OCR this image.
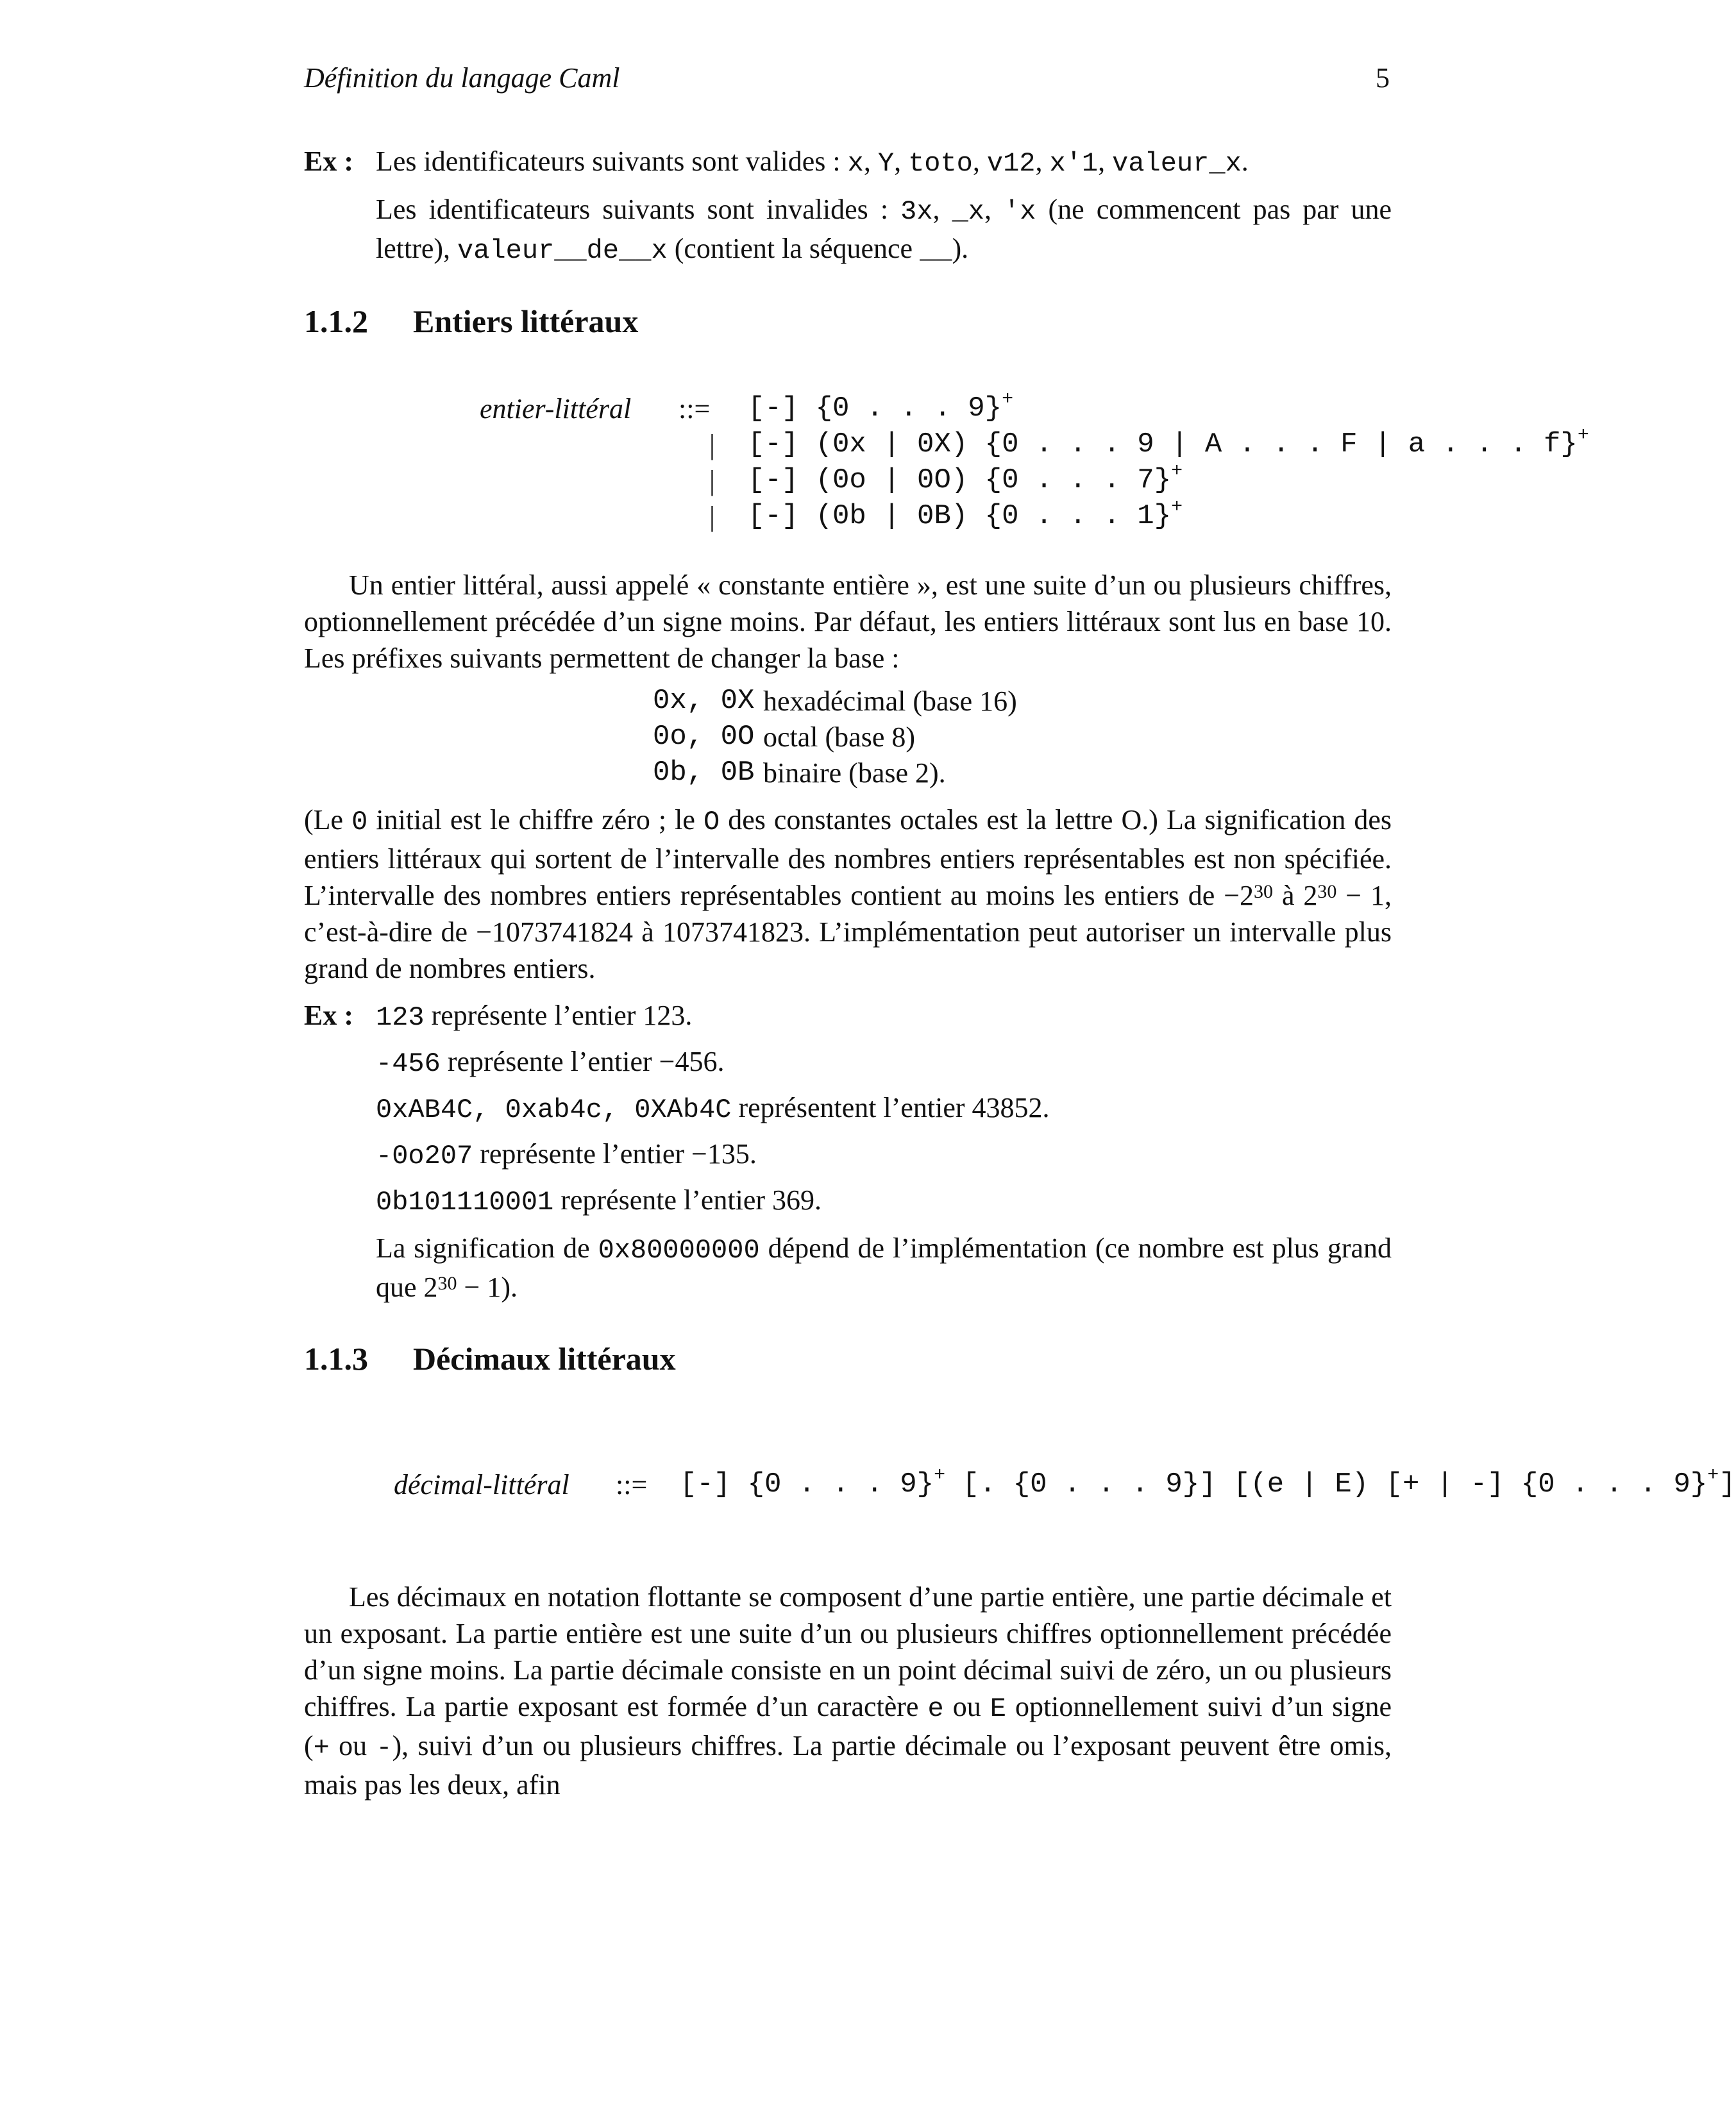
Définition du langage Caml	5
Ex : Les identificateurs suivants sont valides : x, Y, toto, v12, x'1, valeur_x.
Les identificateurs suivants sont invalides : 3x, _x, 'x (ne commencent pas par une lettre), valeur__de__x (contient la séquence __).
1.1.2 Entiers littéraux
entier-littéral ::=
|
|
|
[-] {0 . . . 9}+
[-] (0x | 0X) {0 . . . 9 | A . . . F | a . . . f}+
[-] (0o | 0O) {0 . . . 7}+
[-] (0b | 0B) {0 . . . 1}+
Un entier littéral, aussi appelé « constante entière », est une suite d’un ou plusieurs chiffres, optionnellement précédée d’un signe moins. Par défaut, les entiers littéraux sont lus en base 10. Les préfixes suivants permettent de changer la base :
0x, 0X hexadécimal (base 16)
0o, 0O octal (base 8)
0b, 0B binaire (base 2).
(Le 0 initial est le chiffre zéro ; le O des constantes octales est la lettre O.) La signification des entiers littéraux qui sortent de l’intervalle des nombres entiers représentables est non spécifiée. L’intervalle des nombres entiers représentables contient au moins les entiers de $-2^{30}$ à $2^{30} - 1$, c’est-à-dire de −1073741824 à 1073741823. L’implémentation peut autoriser un intervalle plus grand de nombres entiers.
Ex : 123 représente l’entier 123.
-456 représente l’entier −456.
0xAB4C, 0xab4c, 0XAb4C représentent l’entier 43852.
-0o207 représente l’entier −135.
0b101110001 représente l’entier 369.
La signification de 0x80000000 dépend de l’implémentation (ce nombre est plus grand que $2^{30} - 1$).
1.1.3 Décimaux littéraux
décimal-littéral ::= [-] {0 . . . 9}+ [. {0 . . . 9}] [(e | E) [+ | -] {0 . . . 9}+]
Les décimaux en notation flottante se composent d’une partie entière, une partie décimale et un exposant. La partie entière est une suite d’un ou plusieurs chiffres optionnellement précédée d’un signe moins. La partie décimale consiste en un point décimal suivi de zéro, un ou plusieurs chiffres. La partie exposant est formée d’un caractère e ou E optionnellement suivi d’un signe (+ ou -), suivi d’un ou plusieurs chiffres. La partie décimale ou l’exposant peuvent être omis, mais pas les deux, afin
